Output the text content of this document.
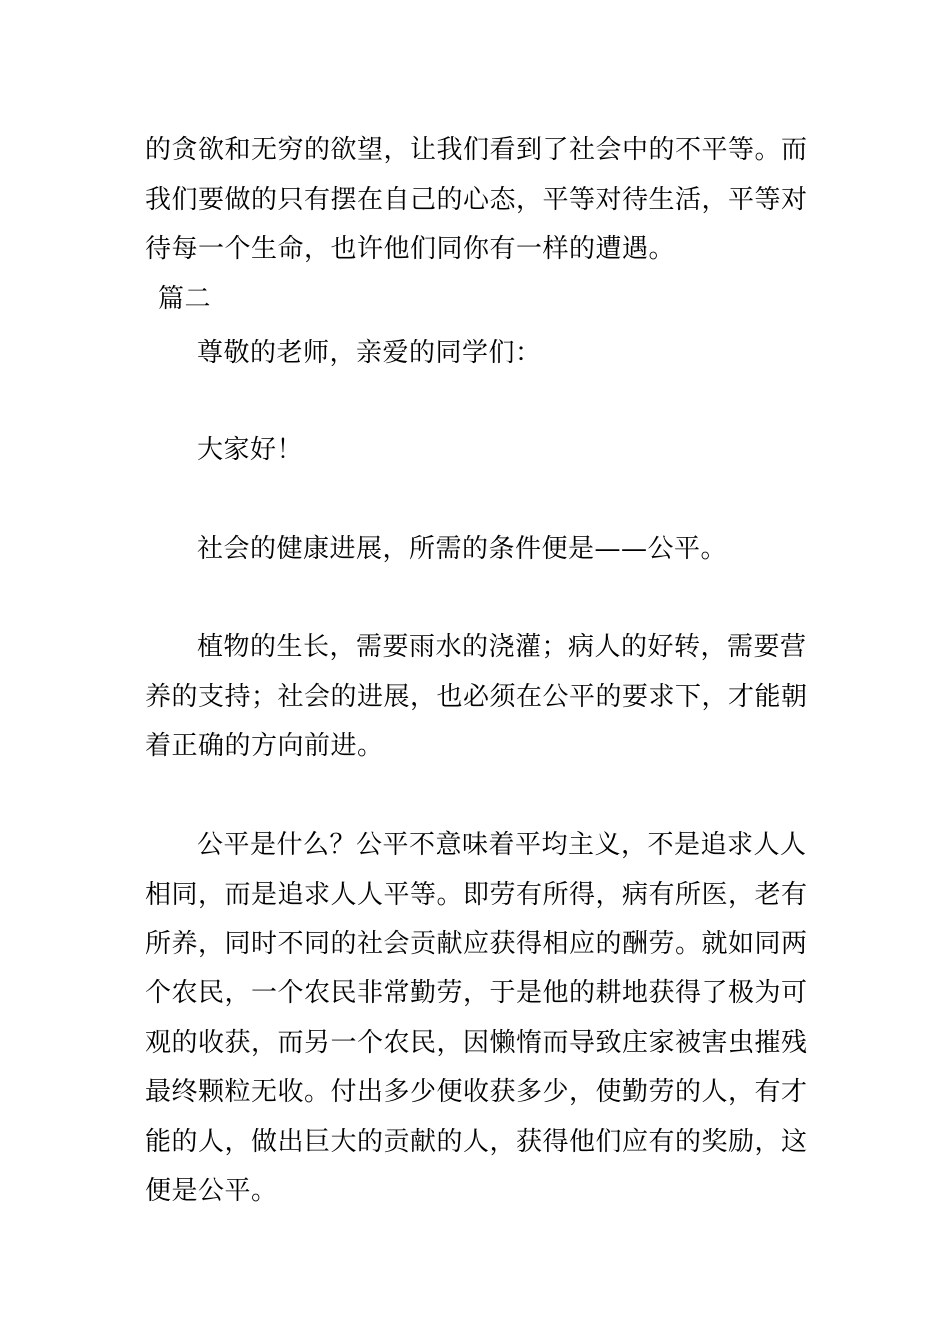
的贪欲和无穷的欲望，让我们看到了社会中的不平等。而
我们要做的只有摆在自己的心态，平等对待生活，平等对
待每一个生命，也许他们同你有一样的遭遇。
篇二
尊敬的老师，亲爱的同学们：
大家好！
社会的健康进展，所需的条件便是——公平。
植物的生长，需要雨水的浇灌；病人的好转，需要营
养的支持；社会的进展，也必须在公平的要求下，才能朝
着正确的方向前进。
公平是什么？公平不意味着平均主义，不是追求人人
相同，而是追求人人平等。即劳有所得，病有所医，老有
所养，同时不同的社会贡献应获得相应的酬劳。就如同两
个农民，一个农民非常勤劳，于是他的耕地获得了极为可
观的收获，而另一个农民，因懒惰而导致庄家被害虫摧残
最终颗粒无收。付出多少便收获多少，使勤劳的人，有才
能的人，做出巨大的贡献的人，获得他们应有的奖励，这
便是公平。
